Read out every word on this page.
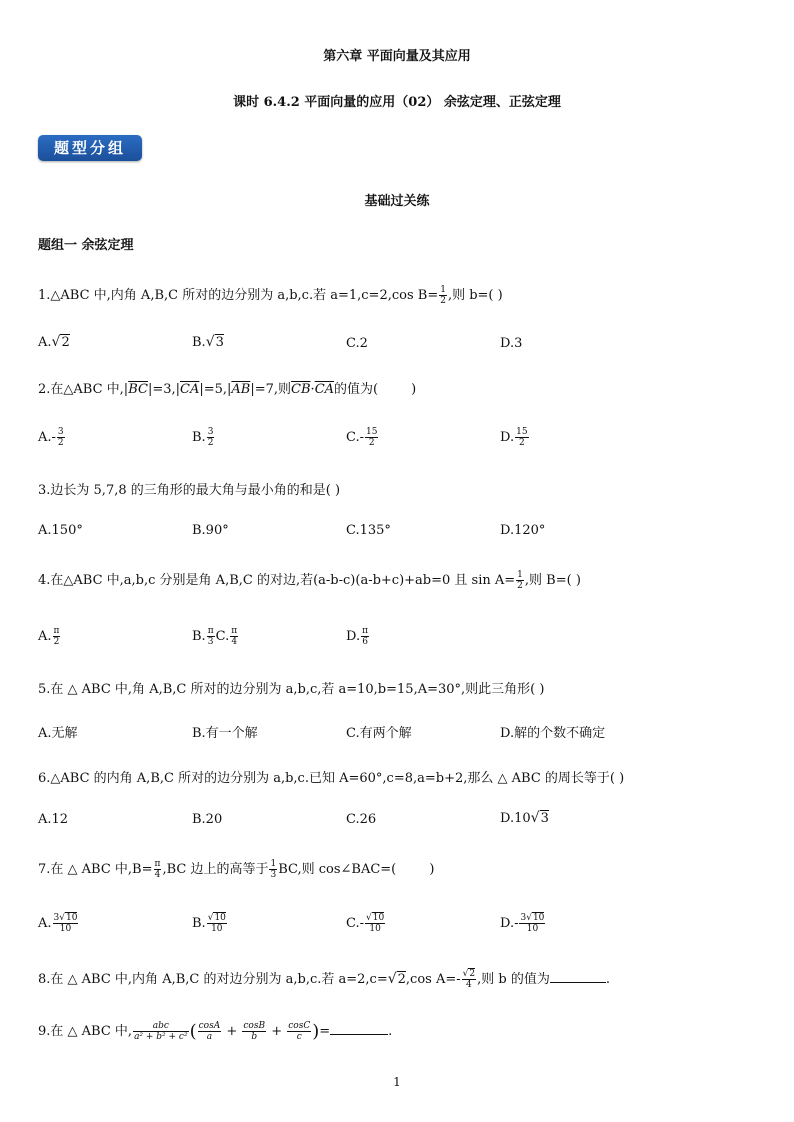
第六章 平面向量及其应用
课时 6.4.2 平面向量的应用（02） 余弦定理、正弦定理
题型分组
基础过关练
题组一 余弦定理
1.△ABC 中,内角 A,B,C 所对的边分别为 a,b,c.若 a=1,c=2,cos $B= \frac{1}{2}$ ,则 b=( )
A.√2	B.√3	C.2	D.3
2.在△ABC 中$,|\overline{BC}|=3,|\overline{CA}|=5,|\overline{AB}|=7$,则$\overline{CB}\cdot\overline{CA}$的值为(        )
$A.- \frac{3}{2}$	B. $\frac{3}{2}$	$C.- \frac{15}{2}$	D. $\frac{15}{2}$
3.边长为 5,7,8 的三角形的最大角与最小角的和是( )
A.150°	B.90°	C.135°	D.120°
4.在△ABC 中,a,b,c 分别是角 A,B,C 的对边,若(a-b-c)(a-b+c)+ab=0 且 $\sin A= \frac{1}{2}$ ,则 B=( )
A. $\frac{\pi}{2}$	B. $\frac{\pi}{3} C$. $\frac{\pi}{4}$	D. $\frac{\pi}{6}$
5.在 △ ABC 中,角 A,B,C 所对的边分别为 a,b,c,若 a=10,b=15,A=30°,则此三角形( )
A.无解	B.有一个解	C.有两个解	D.解的个数不确定
6.△ABC 的内角 A,B,C 所对的边分别为 a,b,c.已知 A=60°,c=8,a=b+2,那么 △ ABC 的周长等于( )
A.12	B.20	C.26	D.10√3
7.在 △ ABC 中$,B= \frac{\pi}{4} ,BC$ 边上的高等于 $\frac{1}{3}$ BC,则 cos∠BAC=(        )
A. $\frac{3√10}{10}$	B. $\frac{√10}{10}$	$C.- \frac{√10}{10}$	$D.- \frac{3√10}{10}$
8.在 △ ABC 中,内角 A,B,C 的对边分别为 a,b,c.若 a=2,c=√2,cos $A=- \frac{√2}{4}$ ,则 b 的值为	.
9.在 △ ABC 中, $\frac{\text{abc}}{\text{a² + b² + c²}}$ ( $\frac{\cos A}{a} + \frac{\cos B}{b} + \frac{\cos C}{c}$ )=	.
1
